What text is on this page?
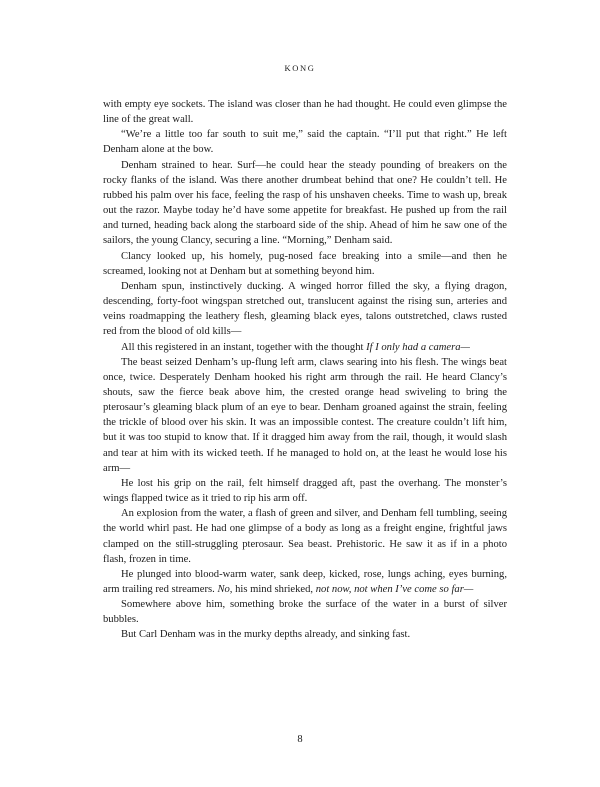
KONG

with empty eye sockets. The island was closer than he had thought. He could even glimpse the line of the great wall.

“We’re a little too far south to suit me,” said the captain. “I’ll put that right.” He left Denham alone at the bow.

Denham strained to hear. Surf—he could hear the steady pounding of breakers on the rocky flanks of the island. Was there another drumbeat behind that one? He couldn’t tell. He rubbed his palm over his face, feeling the rasp of his unshaven cheeks. Time to wash up, break out the razor. Maybe today he’d have some appetite for breakfast. He pushed up from the rail and turned, heading back along the starboard side of the ship. Ahead of him he saw one of the sailors, the young Clancy, securing a line. “Morning,” Denham said.

Clancy looked up, his homely, pug-nosed face breaking into a smile—and then he screamed, looking not at Denham but at something beyond him.

Denham spun, instinctively ducking. A winged horror filled the sky, a flying dragon, descending, forty-foot wingspan stretched out, translucent against the rising sun, arteries and veins roadmapping the leathery flesh, gleaming black eyes, talons outstretched, claws rusted red from the blood of old kills—

All this registered in an instant, together with the thought If I only had a camera—

The beast seized Denham’s up-flung left arm, claws searing into his flesh. The wings beat once, twice. Desperately Denham hooked his right arm through the rail. He heard Clancy’s shouts, saw the fierce beak above him, the crested orange head swiveling to bring the pterosaur’s gleaming black plum of an eye to bear. Denham groaned against the strain, feeling the trickle of blood over his skin. It was an impossible contest. The creature couldn’t lift him, but it was too stupid to know that. If it dragged him away from the rail, though, it would slash and tear at him with its wicked teeth. If he managed to hold on, at the least he would lose his arm—

He lost his grip on the rail, felt himself dragged aft, past the overhang. The monster’s wings flapped twice as it tried to rip his arm off.

An explosion from the water, a flash of green and silver, and Denham fell tumbling, seeing the world whirl past. He had one glimpse of a body as long as a freight engine, frightful jaws clamped on the still-struggling pterosaur. Sea beast. Prehistoric. He saw it as if in a photo flash, frozen in time.

He plunged into blood-warm water, sank deep, kicked, rose, lungs aching, eyes burning, arm trailing red streamers. No, his mind shrieked, not now, not when I’ve come so far—

Somewhere above him, something broke the surface of the water in a burst of silver bubbles.

But Carl Denham was in the murky depths already, and sinking fast.

8
